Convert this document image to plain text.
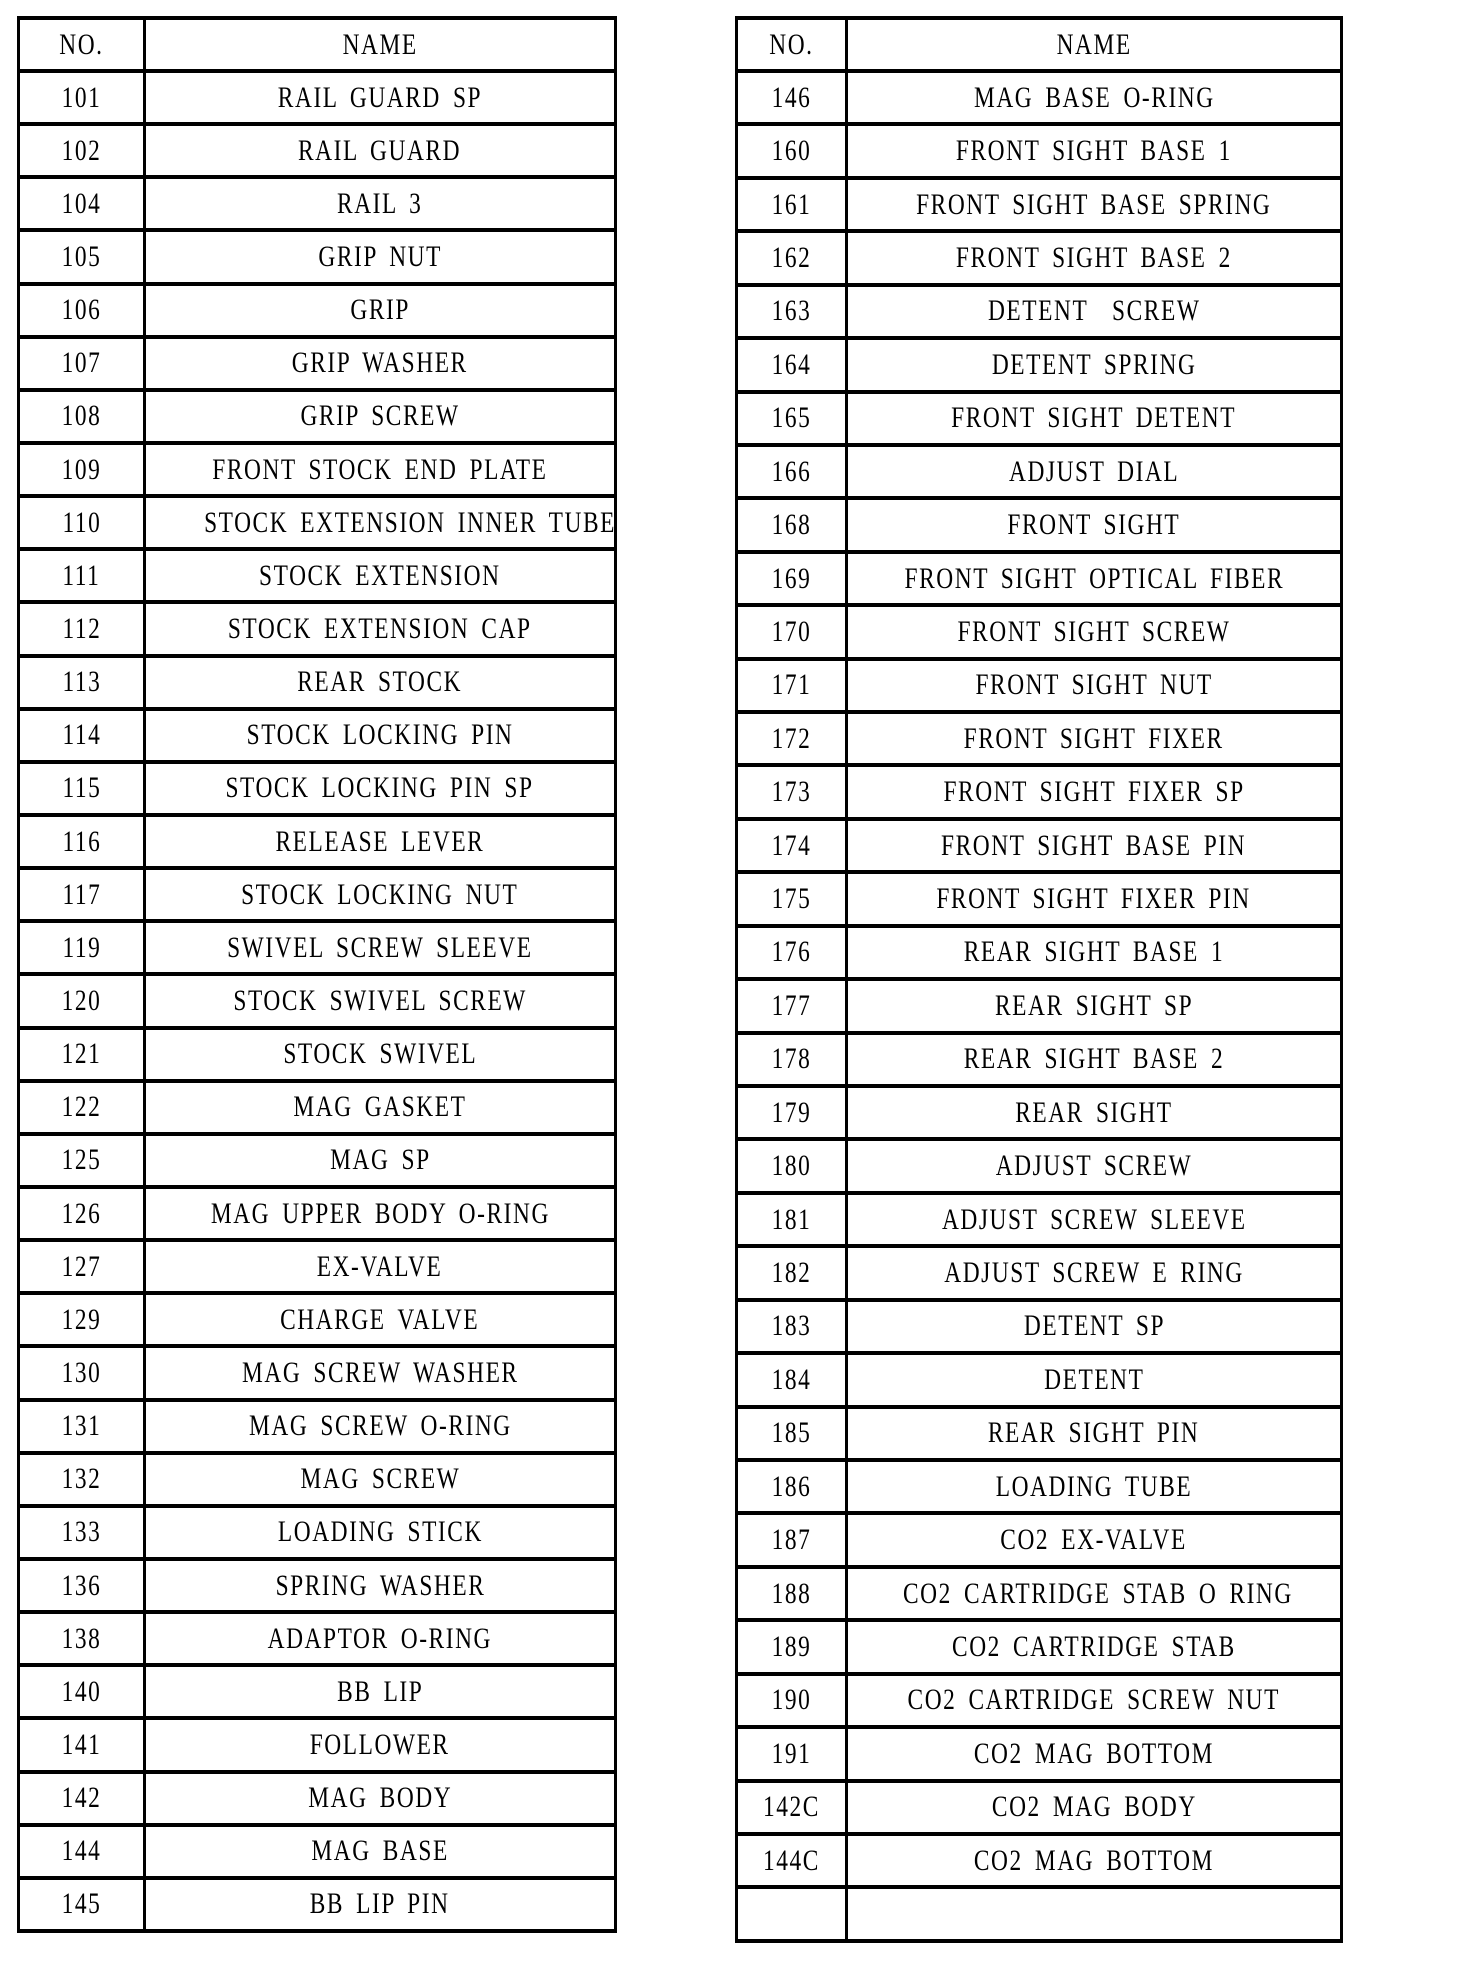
NO.	NAME
101	RAIL GUARD SP
102	RAIL GUARD
104	RAIL 3
105	GRIP NUT
106	GRIP
107	GRIP WASHER
108	GRIP SCREW
109	FRONT STOCK END PLATE
110	STOCK EXTENSION INNER TUBE
111	STOCK EXTENSION
112	STOCK EXTENSION CAP
113	REAR STOCK
114	STOCK LOCKING PIN
115	STOCK LOCKING PIN SP
116	RELEASE LEVER
117	STOCK LOCKING NUT
119	SWIVEL SCREW SLEEVE
120	STOCK SWIVEL SCREW
121	STOCK SWIVEL
122	MAG GASKET
125	MAG SP
126	MAG UPPER BODY O-RING
127	EX-VALVE
129	CHARGE VALVE
130	MAG SCREW WASHER
131	MAG SCREW O-RING
132	MAG SCREW
133	LOADING STICK
136	SPRING WASHER
138	ADAPTOR O-RING
140	BB LIP
141	FOLLOWER
142	MAG BODY
144	MAG BASE
145	BB LIP PIN
NO.	NAME
146	MAG BASE O-RING
160	FRONT SIGHT BASE 1
161	FRONT SIGHT BASE SPRING
162	FRONT SIGHT BASE 2
163	DETENT  SCREW
164	DETENT SPRING
165	FRONT SIGHT DETENT
166	ADJUST DIAL
168	FRONT SIGHT
169	FRONT SIGHT OPTICAL FIBER
170	FRONT SIGHT SCREW
171	FRONT SIGHT NUT
172	FRONT SIGHT FIXER
173	FRONT SIGHT FIXER SP
174	FRONT SIGHT BASE PIN
175	FRONT SIGHT FIXER PIN
176	REAR SIGHT BASE 1
177	REAR SIGHT SP
178	REAR SIGHT BASE 2
179	REAR SIGHT
180	ADJUST SCREW
181	ADJUST SCREW SLEEVE
182	ADJUST SCREW E RING
183	DETENT SP
184	DETENT
185	REAR SIGHT PIN
186	LOADING TUBE
187	CO2 EX-VALVE
188	CO2 CARTRIDGE STAB O RING
189	CO2 CARTRIDGE STAB
190	CO2 CARTRIDGE SCREW NUT
191	CO2 MAG BOTTOM
142C	CO2 MAG BODY
144C	CO2 MAG BOTTOM
